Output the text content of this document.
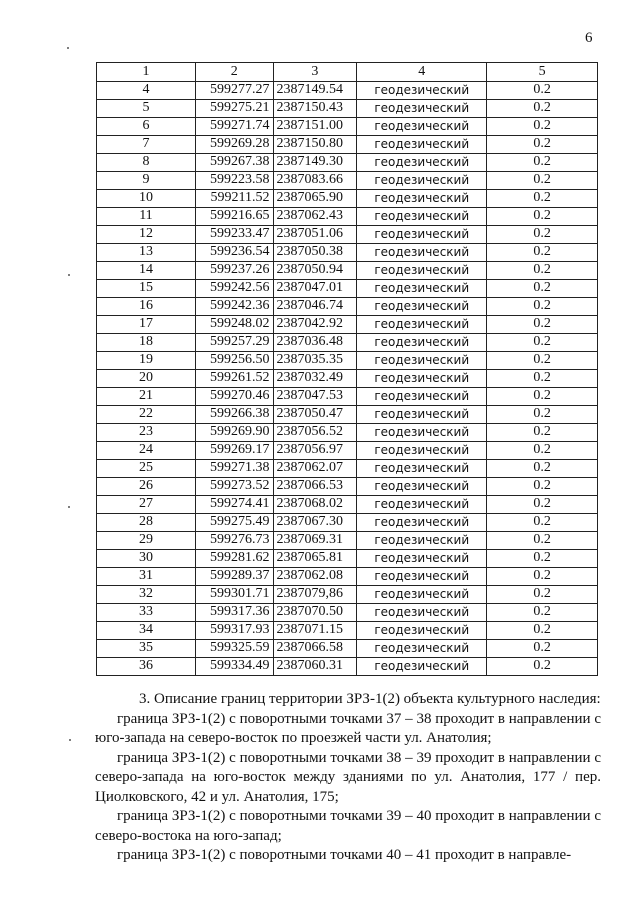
6
1	2	3	4	5
4	599277.27	2387149.54	геодезический	0.2
5	599275.21	2387150.43	геодезический	0.2
6	599271.74	2387151.00	геодезический	0.2
7	599269.28	2387150.80	геодезический	0.2
8	599267.38	2387149.30	геодезический	0.2
9	599223.58	2387083.66	геодезический	0.2
10	599211.52	2387065.90	геодезический	0.2
11	599216.65	2387062.43	геодезический	0.2
12	599233.47	2387051.06	геодезический	0.2
13	599236.54	2387050.38	геодезический	0.2
14	599237.26	2387050.94	геодезический	0.2
15	599242.56	2387047.01	геодезический	0.2
16	599242.36	2387046.74	геодезический	0.2
17	599248.02	2387042.92	геодезический	0.2
18	599257.29	2387036.48	геодезический	0.2
19	599256.50	2387035.35	геодезический	0.2
20	599261.52	2387032.49	геодезический	0.2
21	599270.46	2387047.53	геодезический	0.2
22	599266.38	2387050.47	геодезический	0.2
23	599269.90	2387056.52	геодезический	0.2
24	599269.17	2387056.97	геодезический	0.2
25	599271.38	2387062.07	геодезический	0.2
26	599273.52	2387066.53	геодезический	0.2
27	599274.41	2387068.02	геодезический	0.2
28	599275.49	2387067.30	геодезический	0.2
29	599276.73	2387069.31	геодезический	0.2
30	599281.62	2387065.81	геодезический	0.2
31	599289.37	2387062.08	геодезический	0.2
32	599301.71	2387079,86	геодезический	0.2
33	599317.36	2387070.50	геодезический	0.2
34	599317.93	2387071.15	геодезический	0.2
35	599325.59	2387066.58	геодезический	0.2
36	599334.49	2387060.31	геодезический	0.2

3. Описание границ территории ЗРЗ-1(2) объекта культурного наследия:

граница ЗРЗ-1(2) с поворотными точками 37 – 38 проходит в направлении с юго-запада на северо-восток по проезжей части ул. Анатолия;

граница ЗРЗ-1(2) с поворотными точками 38 – 39 проходит в направлении с северо-запада на юго-восток между зданиями по ул. Анатолия, 177 / пер. Циолковского, 42 и ул. Анатолия, 175;

граница ЗРЗ-1(2) с поворотными точками 39 – 40 проходит в направлении с северо-востока на юго-запад;

граница ЗРЗ-1(2) с поворотными точками 40 – 41 проходит в направле-
